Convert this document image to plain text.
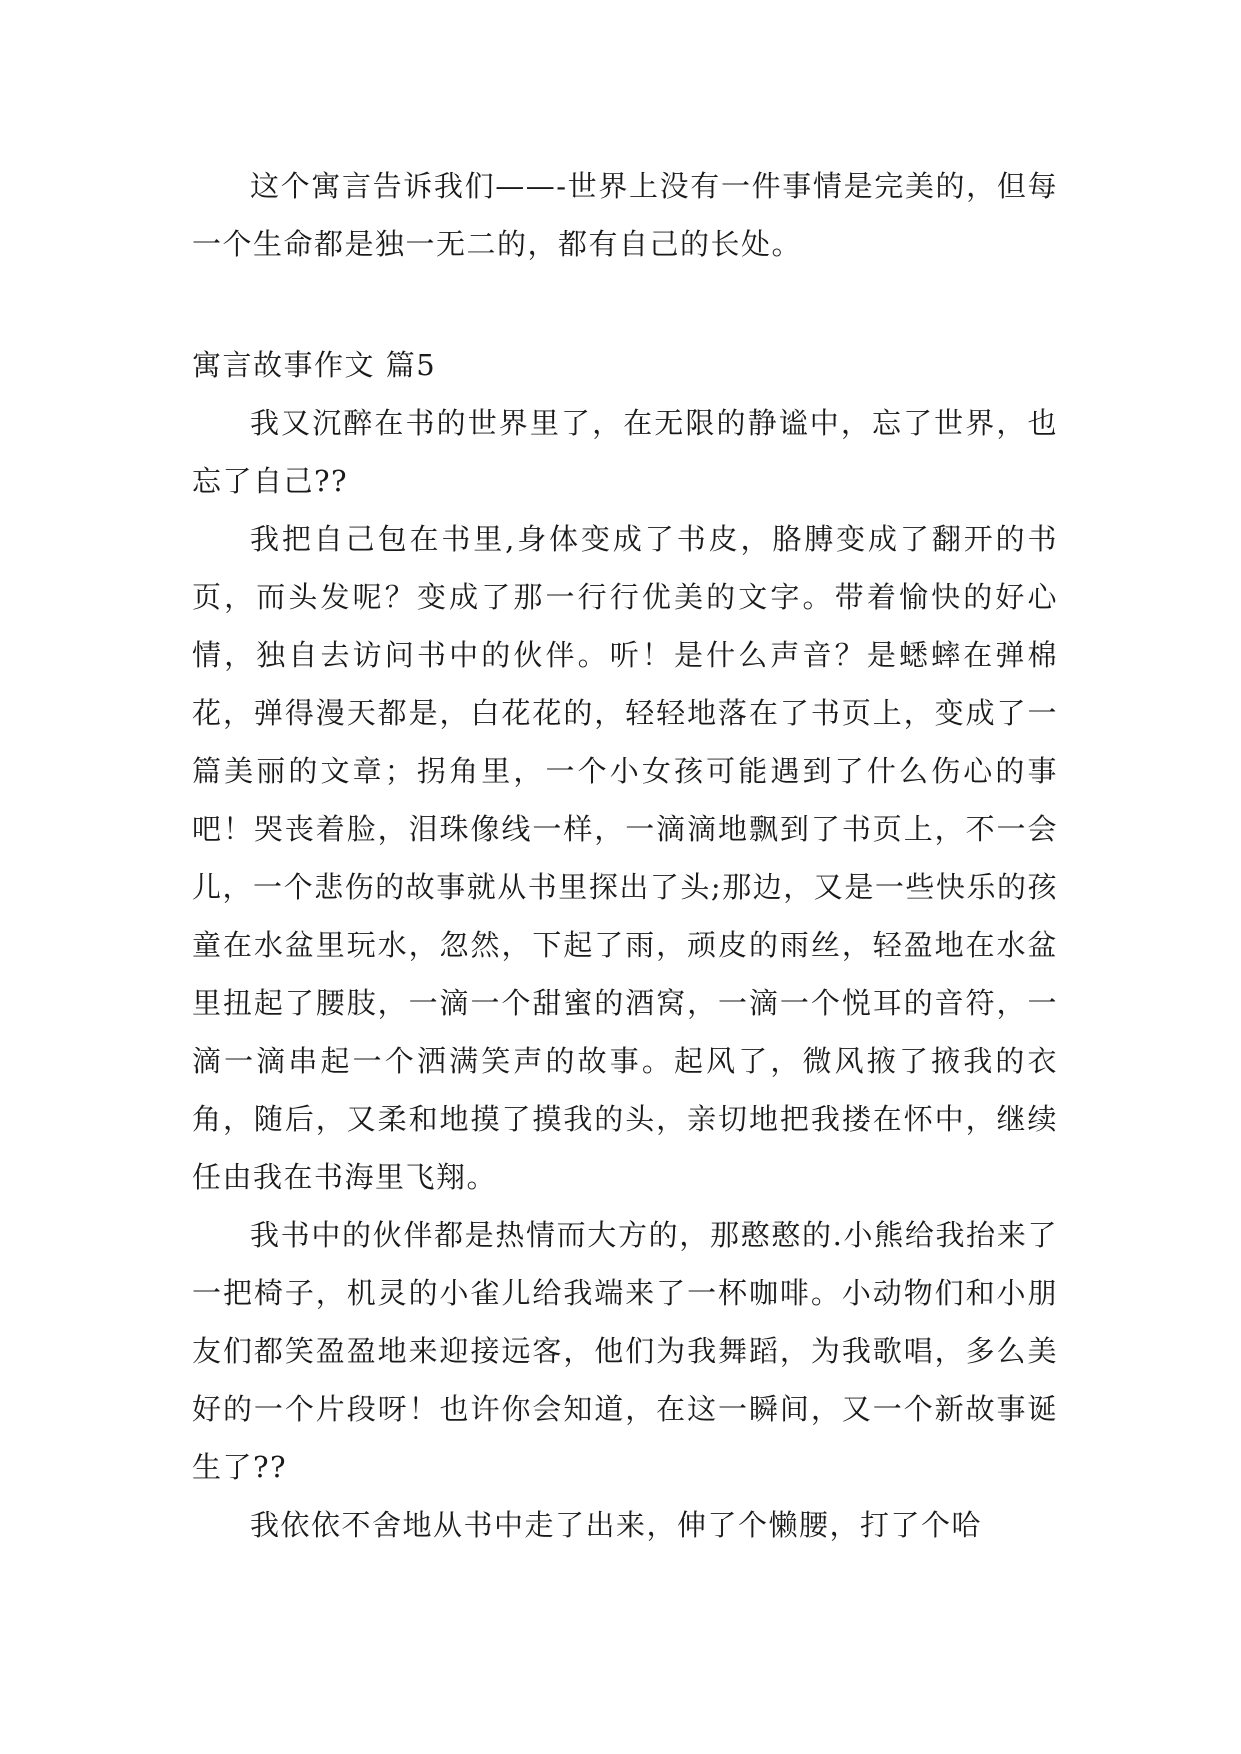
这个寓言告诉我们——-世界上没有一件事情是完美的，但每一个生命都是独一无二的，都有自己的长处。

寓言故事作文 篇5

我又沉醉在书的世界里了，在无限的静谧中，忘了世界，也忘了自己??

我把自己包在书里,身体变成了书皮，胳膊变成了翻开的书页，而头发呢？变成了那一行行优美的文字。带着愉快的好心情，独自去访问书中的伙伴。听！是什么声音？是蟋蟀在弹棉花，弹得漫天都是，白花花的，轻轻地落在了书页上，变成了一篇美丽的文章；拐角里，一个小女孩可能遇到了什么伤心的事吧！哭丧着脸，泪珠像线一样，一滴滴地飘到了书页上，不一会儿，一个悲伤的故事就从书里探出了头;那边，又是一些快乐的孩童在水盆里玩水，忽然，下起了雨，顽皮的雨丝，轻盈地在水盆里扭起了腰肢，一滴一个甜蜜的酒窝，一滴一个悦耳的音符，一滴一滴串起一个洒满笑声的故事。起风了，微风掖了掖我的衣角，随后，又柔和地摸了摸我的头，亲切地把我搂在怀中，继续任由我在书海里飞翔。

我书中的伙伴都是热情而大方的，那憨憨的.小熊给我抬来了一把椅子，机灵的小雀儿给我端来了一杯咖啡。小动物们和小朋友们都笑盈盈地来迎接远客，他们为我舞蹈，为我歌唱，多么美好的一个片段呀！也许你会知道，在这一瞬间，又一个新故事诞生了??

我依依不舍地从书中走了出来，伸了个懒腰，打了个哈
